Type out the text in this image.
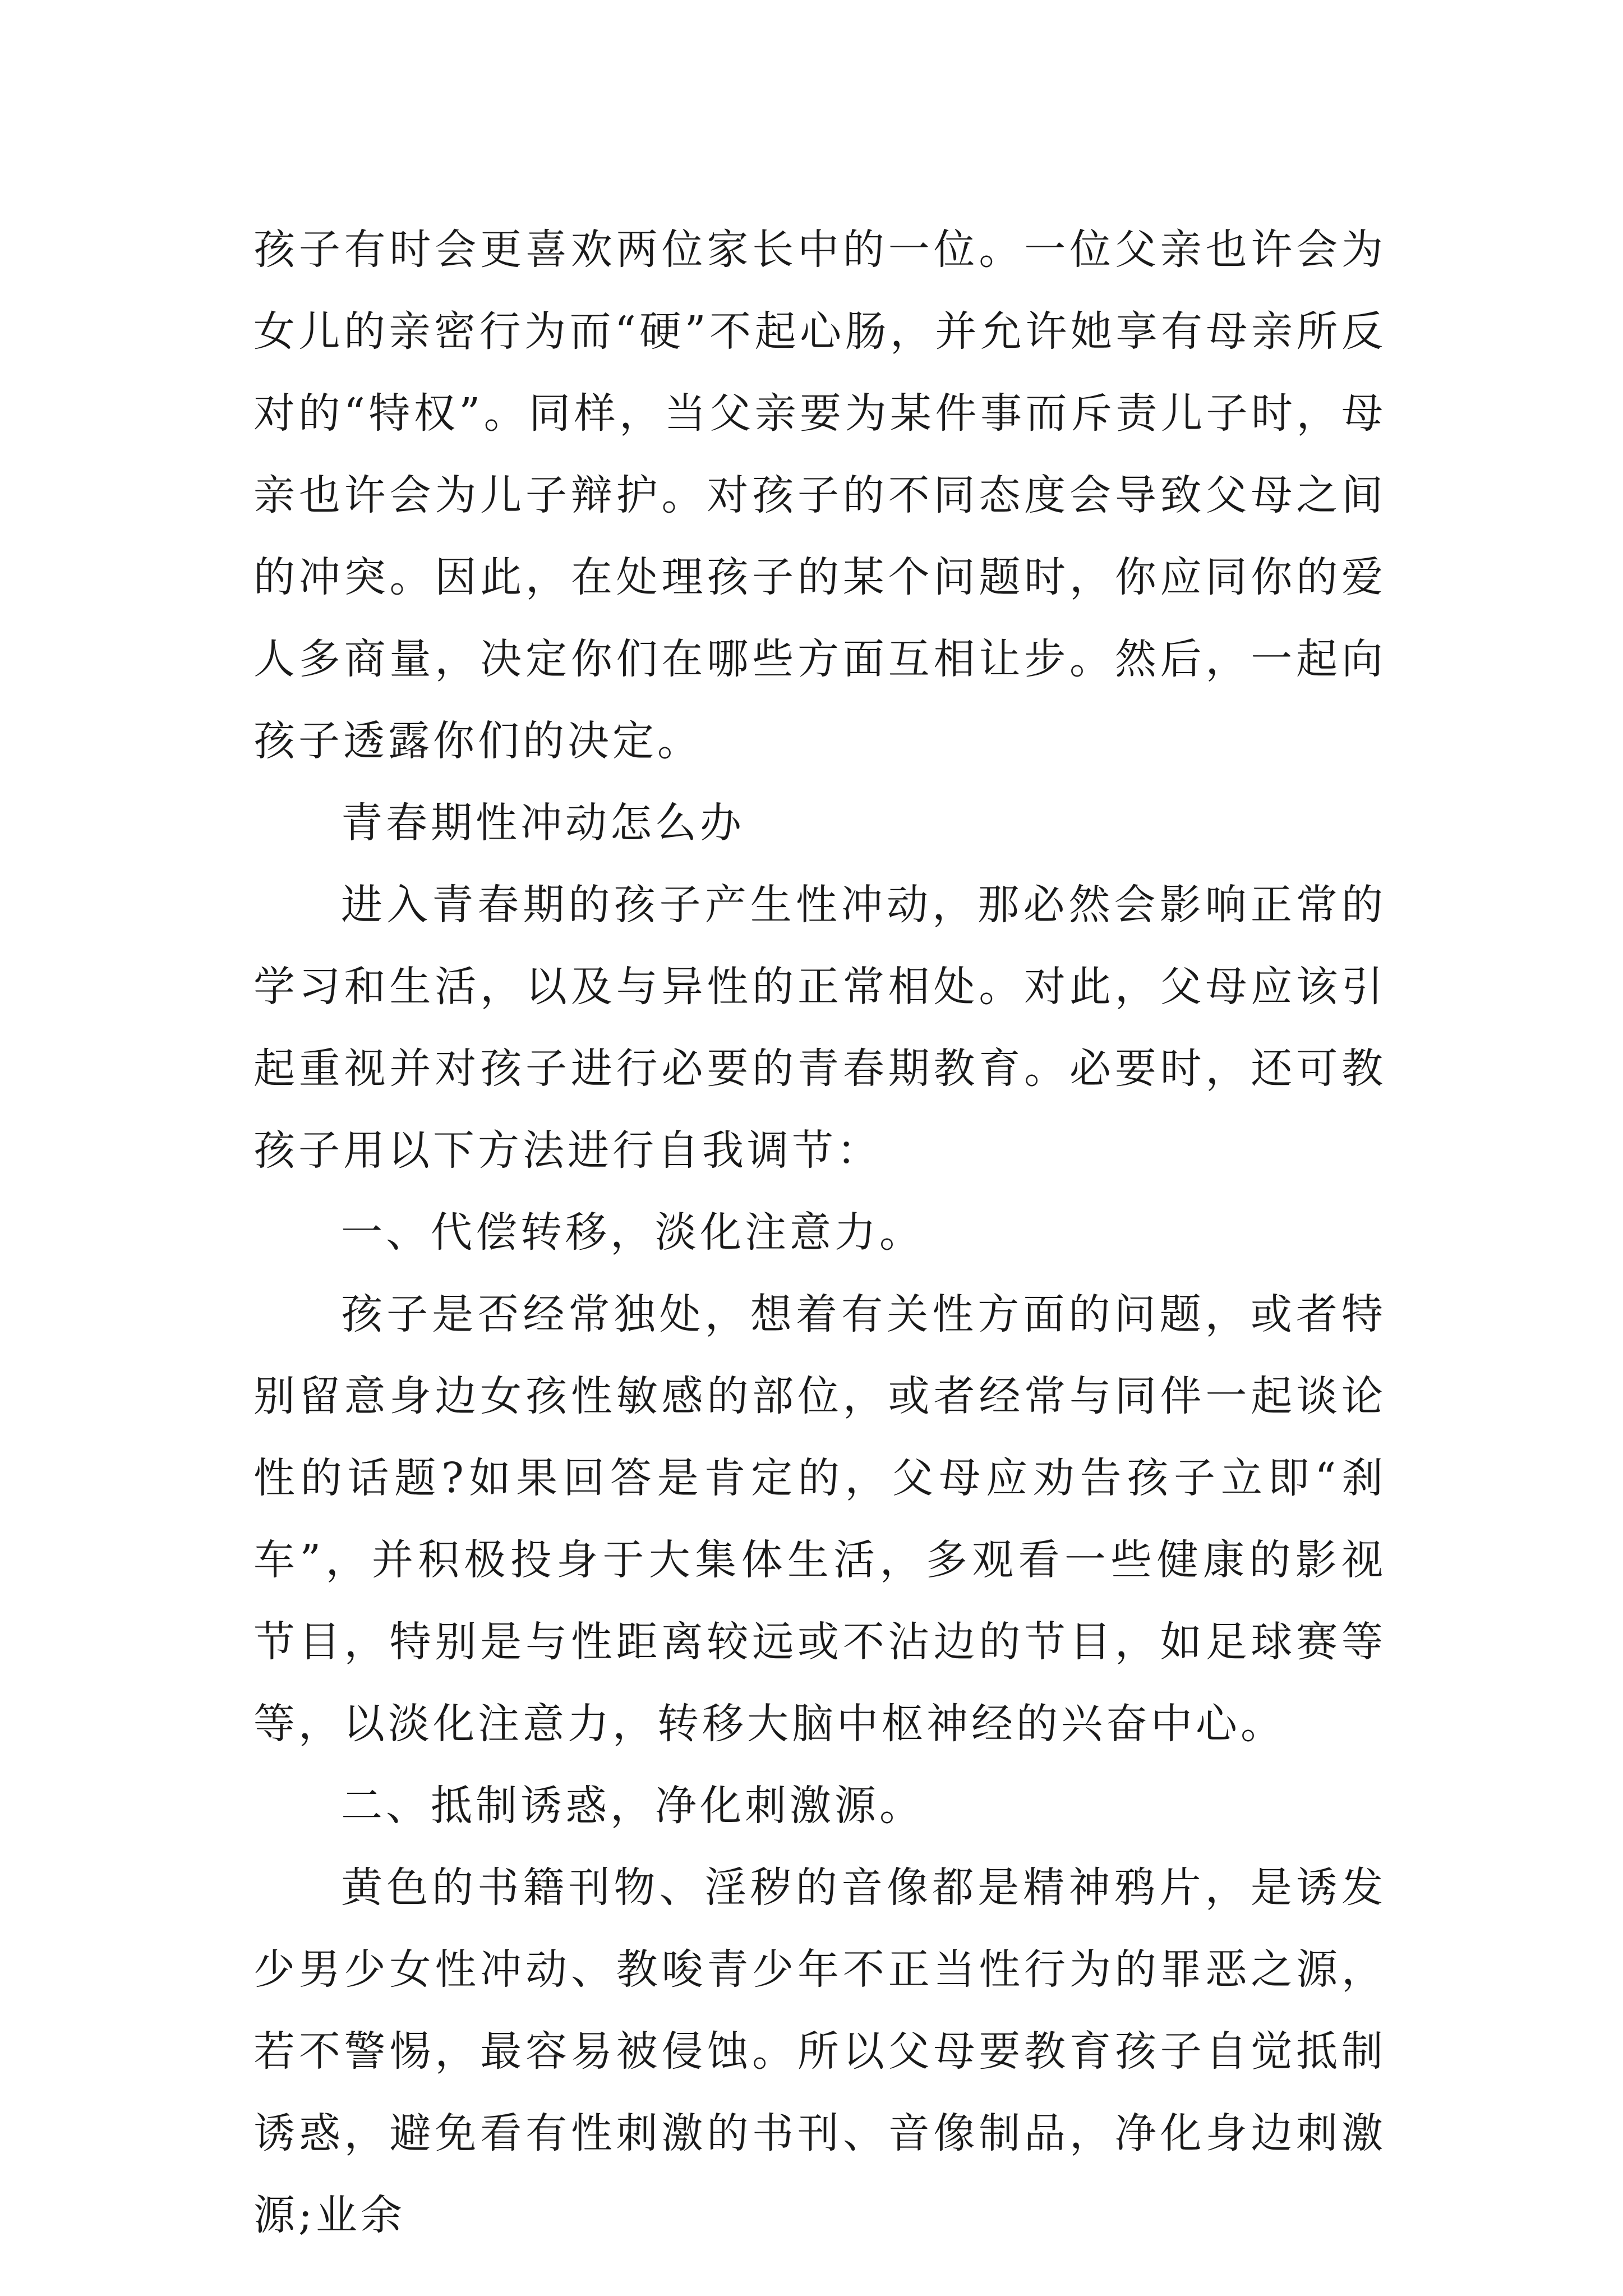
孩子有时会更喜欢两位家长中的一位。一位父亲也许会为女儿的亲密行为而“硬”不起心肠，并允许她享有母亲所反对的“特权”。同样，当父亲要为某件事而斥责儿子时，母亲也许会为儿子辩护。对孩子的不同态度会导致父母之间的冲突。因此，在处理孩子的某个问题时，你应同你的爱人多商量，决定你们在哪些方面互相让步。然后，一起向孩子透露你们的决定。

青春期性冲动怎么办

进入青春期的孩子产生性冲动，那必然会影响正常的学习和生活，以及与异性的正常相处。对此，父母应该引起重视并对孩子进行必要的青春期教育。必要时，还可教孩子用以下方法进行自我调节：

一、代偿转移，淡化注意力。

孩子是否经常独处，想着有关性方面的问题，或者特别留意身边女孩性敏感的部位，或者经常与同伴一起谈论性的话题?如果回答是肯定的，父母应劝告孩子立即“刹车”，并积极投身于大集体生活，多观看一些健康的影视节目，特别是与性距离较远或不沾边的节目，如足球赛等等，以淡化注意力，转移大脑中枢神经的兴奋中心。

二、抵制诱惑，净化刺激源。

黄色的书籍刊物、淫秽的音像都是精神鸦片，是诱发少男少女性冲动、教唆青少年不正当性行为的罪恶之源，若不警惕，最容易被侵蚀。所以父母要教育孩子自觉抵制诱惑，避免看有性刺激的书刊、音像制品，净化身边刺激源;业余
